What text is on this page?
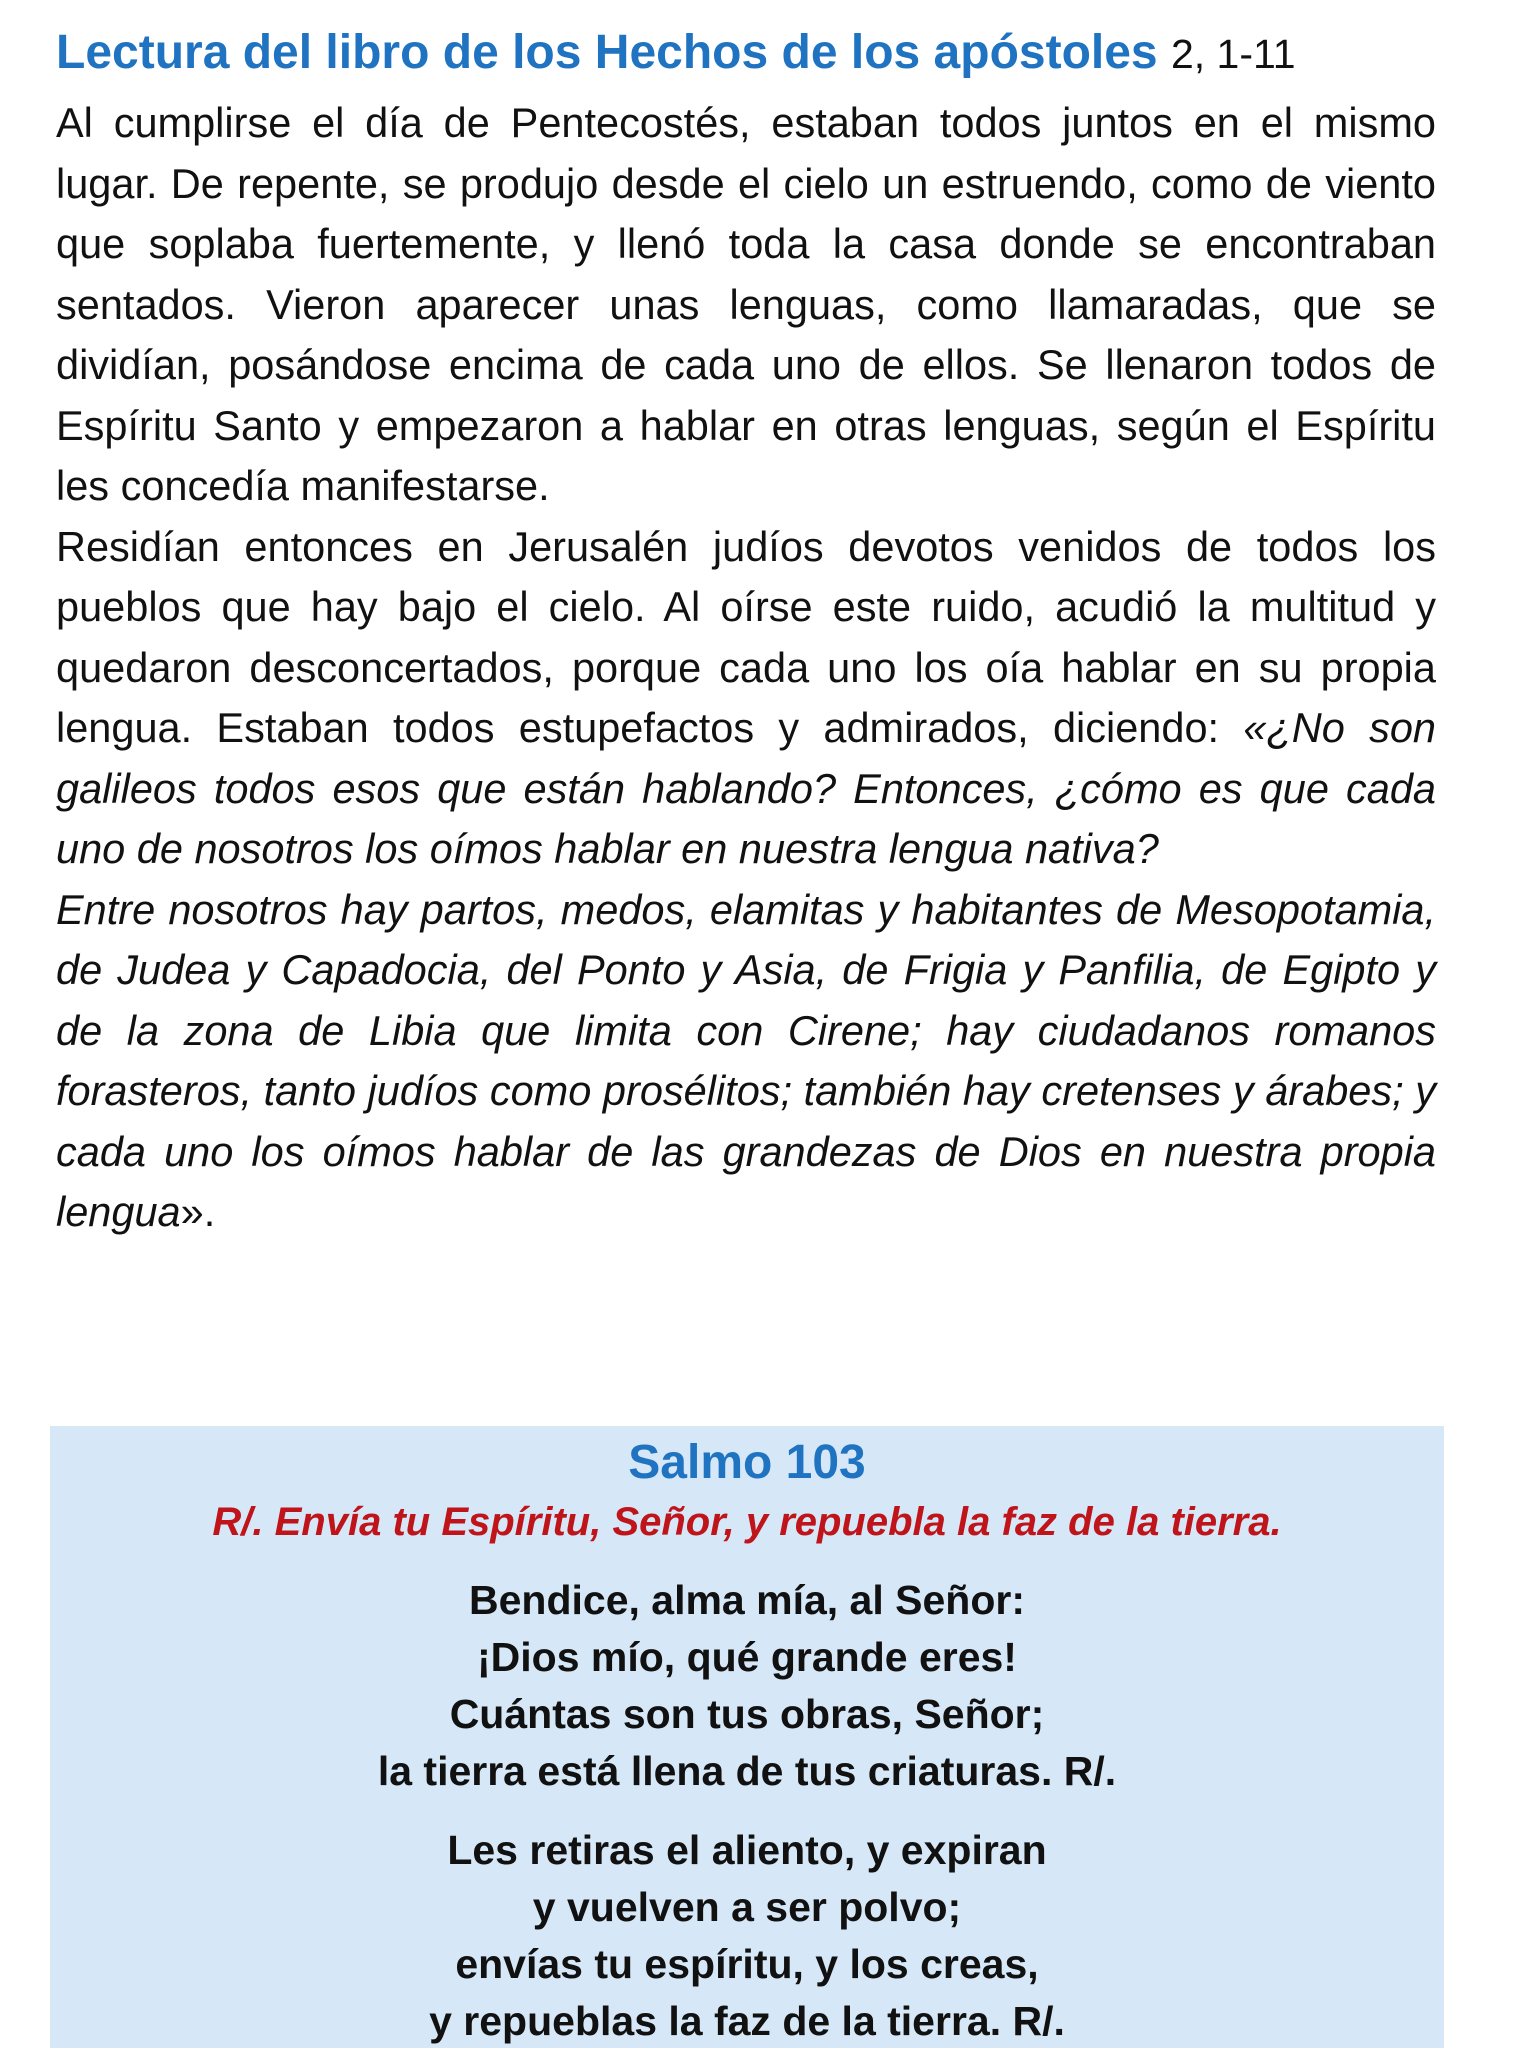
Lectura del libro de los Hechos de los apóstoles 2, 1-11

Al cumplirse el día de Pentecostés, estaban todos juntos en el mismo lugar. De repente, se produjo desde el cielo un estruendo, como de viento que soplaba fuertemente, y llenó toda la casa donde se encontraban sentados. Vieron aparecer unas lenguas, como llamaradas, que se dividían, posándose encima de cada uno de ellos. Se llenaron todos de Espíritu Santo y empezaron a hablar en otras lenguas, según el Espíritu les concedía manifestarse.

Residían entonces en Jerusalén judíos devotos venidos de todos los pueblos que hay bajo el cielo. Al oírse este ruido, acudió la multitud y quedaron desconcertados, porque cada uno los oía hablar en su propia lengua. Estaban todos estupefactos y admirados, diciendo: «¿No son galileos todos esos que están hablando? Entonces, ¿cómo es que cada uno de nosotros los oímos hablar en nuestra lengua nativa?

Entre nosotros hay partos, medos, elamitas y habitantes de Mesopotamia, de Judea y Capadocia, del Ponto y Asia, de Frigia y Panfilia, de Egipto y de la zona de Libia que limita con Cirene; hay ciudadanos romanos forasteros, tanto judíos como prosélitos; también hay cretenses y árabes; y cada uno los oímos hablar de las grandezas de Dios en nuestra propia lengua».

Salmo 103

R/. Envía tu Espíritu, Señor, y repuebla la faz de la tierra.

Bendice, alma mía, al Señor:
¡Dios mío, qué grande eres!
Cuántas son tus obras, Señor;
la tierra está llena de tus criaturas. R/.

Les retiras el aliento, y expiran
y vuelven a ser polvo;
envías tu espíritu, y los creas,
y repueblas la faz de la tierra. R/.
